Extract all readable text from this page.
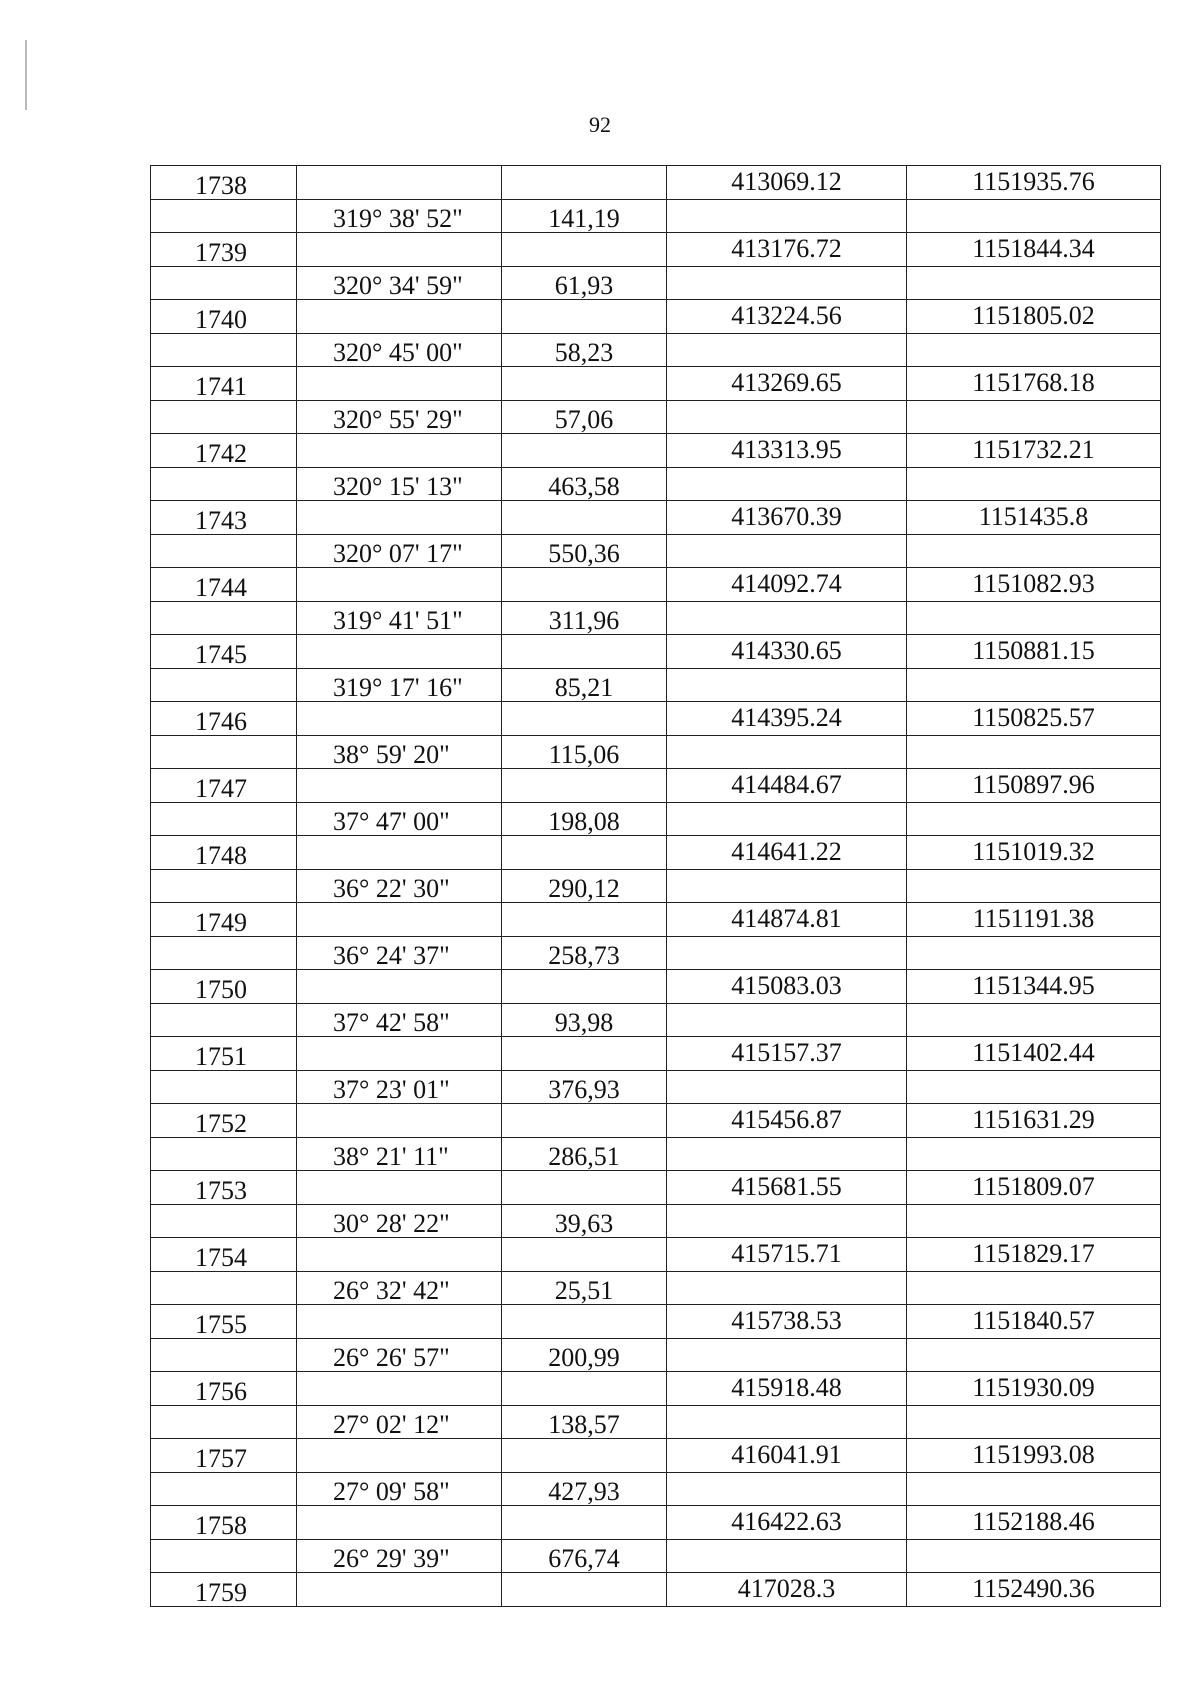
92
1738			413069.12	1151935.76
	319° 38' 52"	141,19		
1739			413176.72	1151844.34
	320° 34' 59"	61,93		
1740			413224.56	1151805.02
	320° 45' 00"	58,23		
1741			413269.65	1151768.18
	320° 55' 29"	57,06		
1742			413313.95	1151732.21
	320° 15' 13"	463,58		
1743			413670.39	1151435.8
	320° 07' 17"	550,36		
1744			414092.74	1151082.93
	319° 41' 51"	311,96		
1745			414330.65	1150881.15
	319° 17' 16"	85,21		
1746			414395.24	1150825.57
	38° 59' 20"	115,06		
1747			414484.67	1150897.96
	37° 47' 00"	198,08		
1748			414641.22	1151019.32
	36° 22' 30"	290,12		
1749			414874.81	1151191.38
	36° 24' 37"	258,73		
1750			415083.03	1151344.95
	37° 42' 58"	93,98		
1751			415157.37	1151402.44
	37° 23' 01"	376,93		
1752			415456.87	1151631.29
	38° 21' 11"	286,51		
1753			415681.55	1151809.07
	30° 28' 22"	39,63		
1754			415715.71	1151829.17
	26° 32' 42"	25,51		
1755			415738.53	1151840.57
	26° 26' 57"	200,99		
1756			415918.48	1151930.09
	27° 02' 12"	138,57		
1757			416041.91	1151993.08
	27° 09' 58"	427,93		
1758			416422.63	1152188.46
	26° 29' 39"	676,74		
1759			417028.3	1152490.36
